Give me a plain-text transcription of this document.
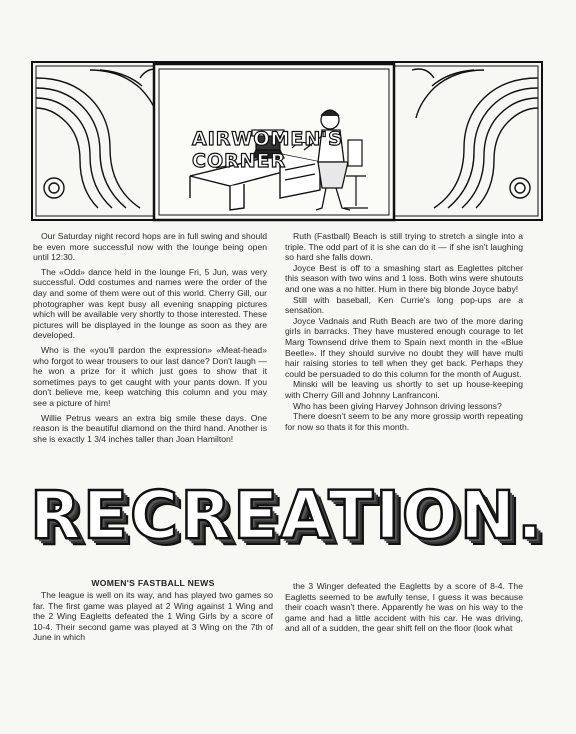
AIRWOMEN'S
CORNER

Our Saturday night record hops are in full swing and should be even more successful now with the lounge being open until 12:30.

The «Odd» dance held in the lounge Fri, 5 Jun, was very successful. Odd costumes and names were the order of the day and some of them were out of this world. Cherry Gill, our photographer was kept busy all evening snapping pictures which will be available very shortly to those interested. These pictures will be displayed in the lounge as soon as they are developed.

Who is the «you'll pardon the expression» «Meat-head» who forgot to wear trousers to our last dance? Don't laugh — he won a prize for it which just goes to show that it sometimes pays to get caught with your pants down. If you don't believe me, keep watching this column and you may see a picture of him!

Willie Petrus wears an extra big smile these days. One reason is the beautiful diamond on the third hand. Another is she is exactly 1 3/4 inches taller than Joan Hamilton!

Ruth (Fastball) Beach is still trying to stretch a single into a triple. The odd part of it is she can do it — if she isn't laughing so hard she falls down.

Joyce Best is off to a smashing start as Eaglettes pitcher this season with two wins and 1 loss. Both wins were shutouts and one was a no hitter. Hum in there big blonde Joyce baby!

Still with baseball, Ken Currie's long pop-ups are a sensation.

Joyce Vadnais and Ruth Beach are two of the more daring girls in barracks. They have mustered enough courage to let Marg Townsend drive them to Spain next month in the «Blue Beetle». If they should survive no doubt they will have multi hair raising stories to tell when they get back. Perhaps they could be persuaded to do this column for the month of August.

Minski will be leaving us shortly to set up house-keeping with Cherry Gill and Johnny Lanfranconi.

Who has been giving Harvey Johnson driving lessons?

There doesn't seem to be any more grossip worth repeating for now so thats it for this month.

RECREATION.
WOMEN'S FASTBALL NEWS

The league is well on its way, and has played two games so far. The first game was played at 2 Wing against 1 Wing and the 2 Wing Eagletts defeated the 1 Wing Girls by a score of 10-4. Their second game was played at 3 Wing on the 7th of June in which

the 3 Winger defeated the Eagletts by a score of 8-4. The Eagletts seemed to be awfully tense, I guess it was because their coach wasn't there. Apparently he was on his way to the game and had a little accident with his car. He was driving, and all of a sudden, the gear shift fell on the floor (look what
